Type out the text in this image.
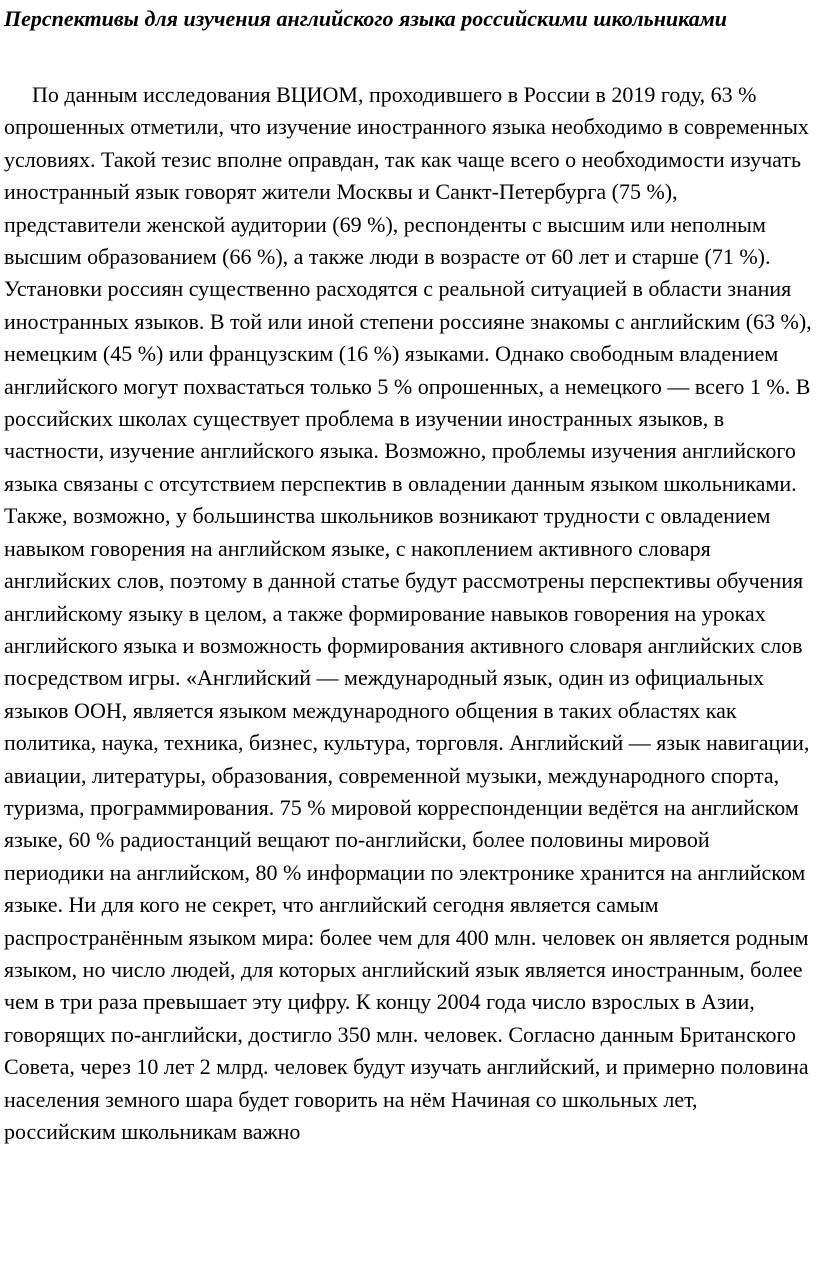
Перспективы для изучения английского языка российскими школьниками

По данным исследования ВЦИОМ, проходившего в России в 2019 году, 63 % опрошенных отметили, что изучение иностранного языка необходимо в современных условиях. Такой тезис вполне оправдан, так как чаще всего о необходимости изучать иностранный язык говорят жители Москвы и Санкт-Петербурга (75 %), представители женской аудитории (69 %), респонденты с высшим или неполным высшим образованием (66 %), а также люди в возрасте от 60 лет и старше (71 %). Установки россиян существенно расходятся с реальной ситуацией в области знания иностранных языков. В той или иной степени россияне знакомы с английским (63 %), немецким (45 %) или французским (16 %) языками. Однако свободным владением английского могут похвастаться только 5 % опрошенных, а немецкого — всего 1 %. В российских школах существует проблема в изучении иностранных языков, в частности, изучение английского языка. Возможно, проблемы изучения английского языка связаны с отсутствием перспектив в овладении данным языком школьниками. Также, возможно, у большинства школьников возникают трудности с овладением навыком говорения на английском языке, с накоплением активного словаря английских слов, поэтому в данной статье будут рассмотрены перспективы обучения английскому языку в целом, а также формирование навыков говорения на уроках английского языка и возможность формирования активного словаря английских слов посредством игры. «Английский — международный язык, один из официальных языков ООН, является языком международного общения в таких областях как политика, наука, техника, бизнес, культура, торговля. Английский — язык навигации, авиации, литературы, образования, современной музыки, международного спорта, туризма, программирования. 75 % мировой корреспонденции ведётся на английском языке, 60 % радиостанций вещают по-английски, более половины мировой периодики на английском, 80 % информации по электронике хранится на английском языке. Ни для кого не секрет, что английский сегодня является самым распространённым языком мира: более чем для 400 млн. человек он является родным языком, но число людей, для которых английский язык является иностранным, более чем в три раза превышает эту цифру. К концу 2004 года число взрослых в Азии, говорящих по-английски, достигло 350 млн. человек. Согласно данным Британского Совета, через 10 лет 2 млрд. человек будут изучать английский, и примерно половина населения земного шара будет говорить на нём Начиная со школьных лет, российским школьникам важно
